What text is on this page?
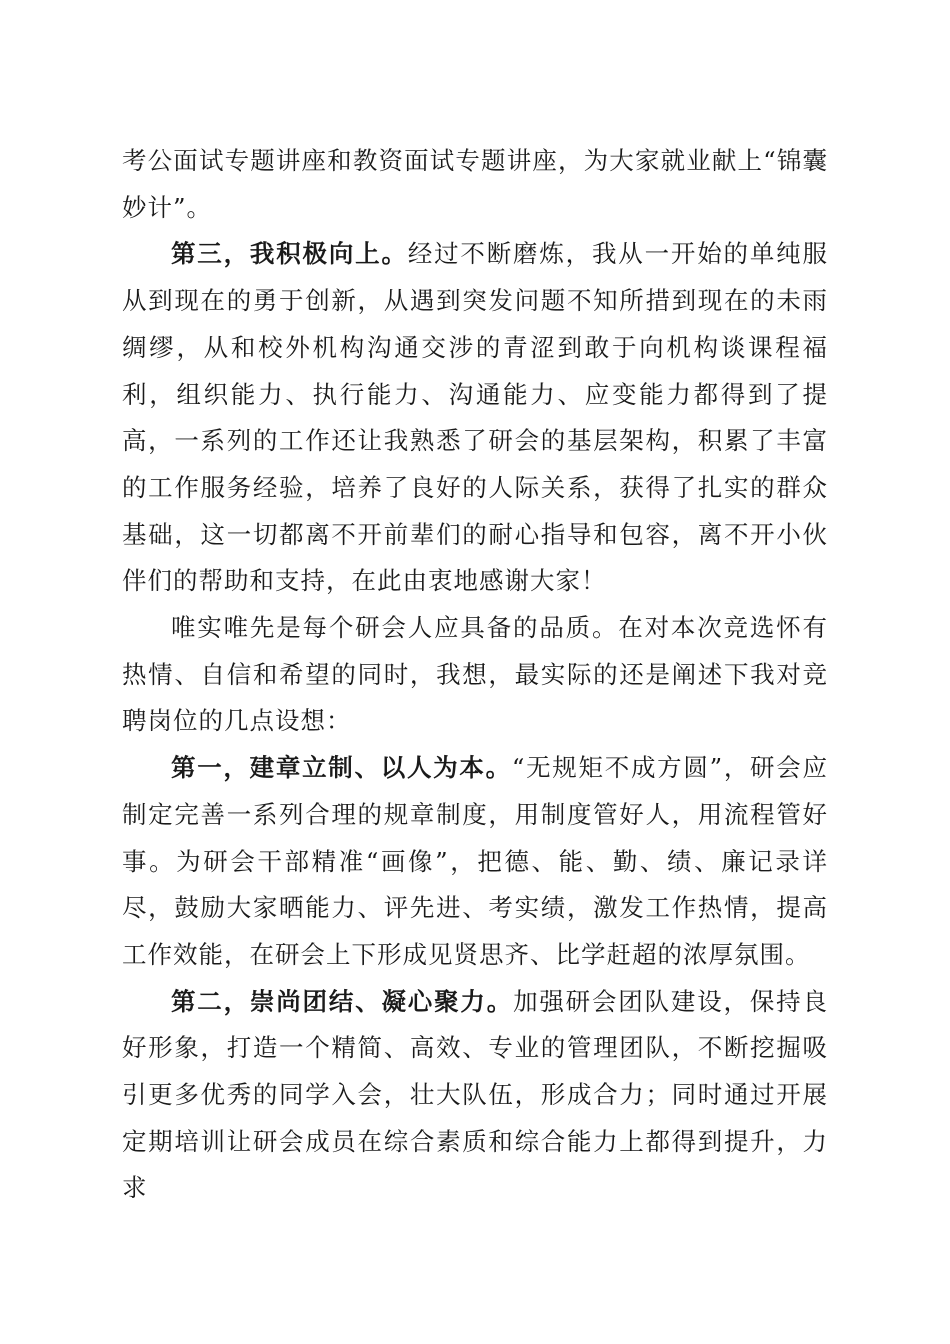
考公面试专题讲座和教资面试专题讲座，为大家就业献上“锦囊妙计”。

第三，我积极向上。经过不断磨炼，我从一开始的单纯服从到现在的勇于创新，从遇到突发问题不知所措到现在的未雨绸缪，从和校外机构沟通交涉的青涩到敢于向机构谈课程福利，组织能力、执行能力、沟通能力、应变能力都得到了提高，一系列的工作还让我熟悉了研会的基层架构，积累了丰富的工作服务经验，培养了良好的人际关系，获得了扎实的群众基础，这一切都离不开前辈们的耐心指导和包容，离不开小伙伴们的帮助和支持，在此由衷地感谢大家！

唯实唯先是每个研会人应具备的品质。在对本次竞选怀有热情、自信和希望的同时，我想，最实际的还是阐述下我对竞聘岗位的几点设想：

第一，建章立制、以人为本。“无规矩不成方圆”，研会应制定完善一系列合理的规章制度，用制度管好人，用流程管好事。为研会干部精准“画像”，把德、能、勤、绩、廉记录详尽，鼓励大家晒能力、评先进、考实绩，激发工作热情，提高工作效能，在研会上下形成见贤思齐、比学赶超的浓厚氛围。

第二，崇尚团结、凝心聚力。加强研会团队建设，保持良好形象，打造一个精简、高效、专业的管理团队，不断挖掘吸引更多优秀的同学入会，壮大队伍，形成合力；同时通过开展定期培训让研会成员在综合素质和综合能力上都得到提升，力求
